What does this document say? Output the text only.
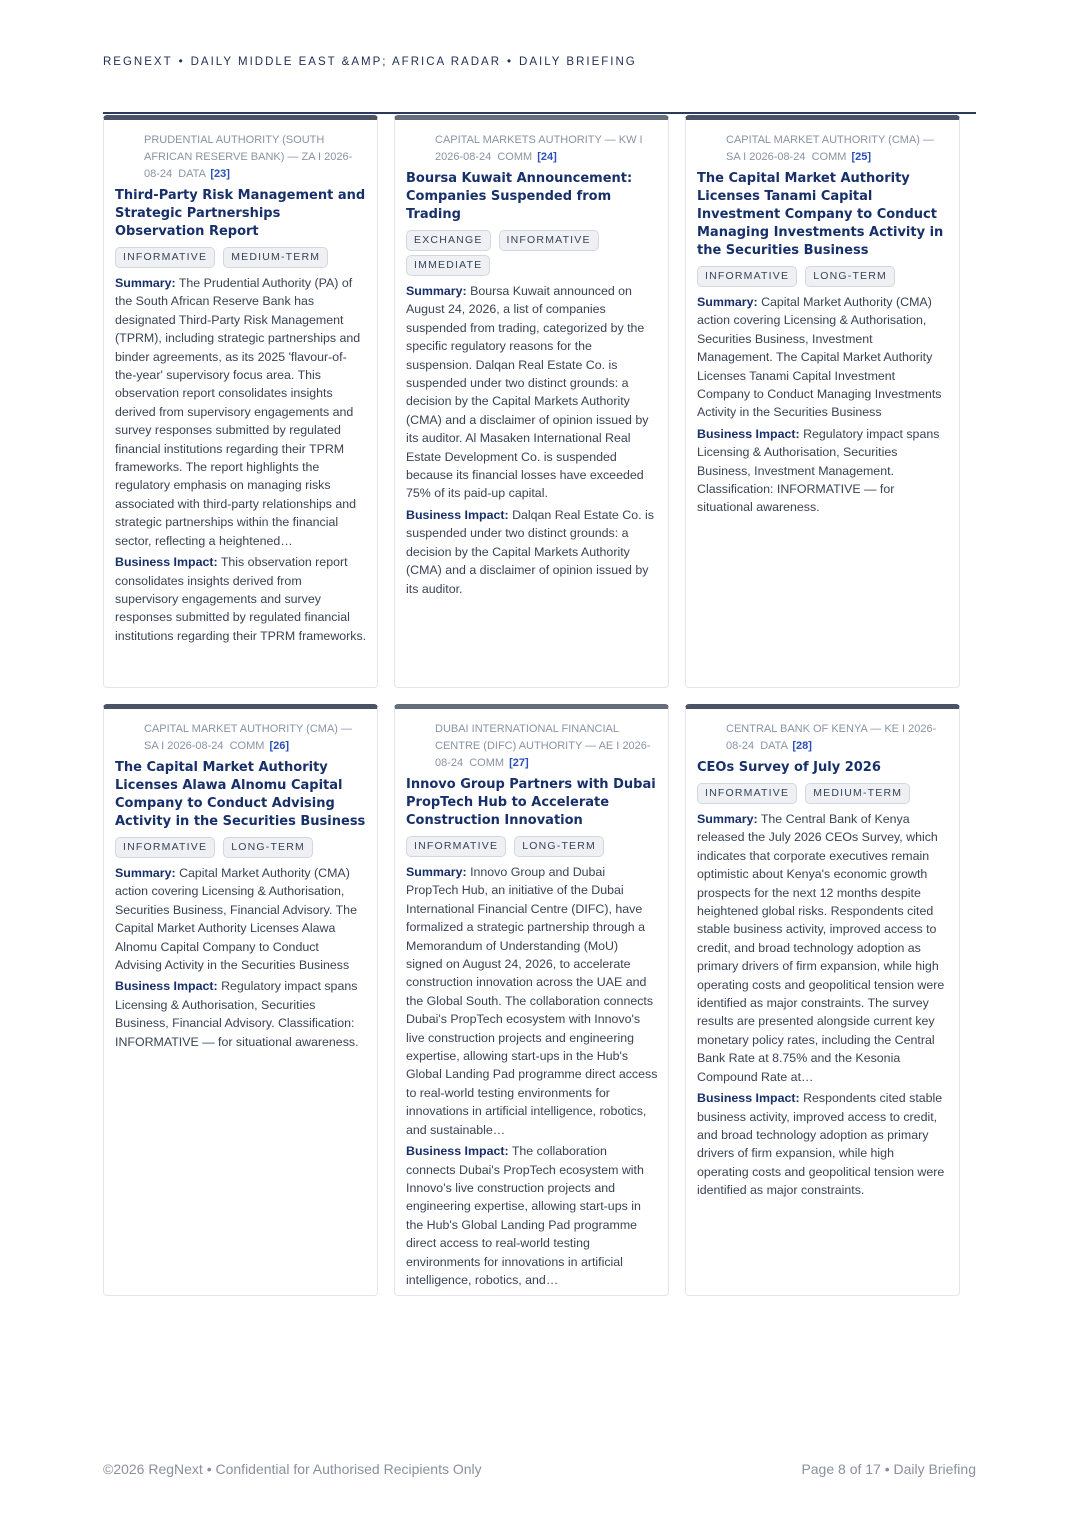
REGNEXT • DAILY MIDDLE EAST &AMP; AFRICA RADAR • DAILY BRIEFING
PRUDENTIAL AUTHORITY (SOUTH AFRICAN RESERVE BANK) — ZA I 2026-08-24 DATA [23]
Third-Party Risk Management and Strategic Partnerships Observation Report
INFORMATIVE	MEDIUM-TERM

Summary: The Prudential Authority (PA) of the South African Reserve Bank has designated Third-Party Risk Management (TPRM), including strategic partnerships and binder agreements, as its 2025 'flavour-of-the-year' supervisory focus area. This observation report consolidates insights derived from supervisory engagements and survey responses submitted by regulated financial institutions regarding their TPRM frameworks. The report highlights the regulatory emphasis on managing risks associated with third-party relationships and strategic partnerships within the financial sector, reflecting a heightened…

Business Impact: This observation report consolidates insights derived from supervisory engagements and survey responses submitted by regulated financial institutions regarding their TPRM frameworks.

CAPITAL MARKETS AUTHORITY — KW I 2026-08-24 COMM [24]
Boursa Kuwait Announcement: Companies Suspended from Trading
EXCHANGE	INFORMATIVE
IMMEDIATE

Summary: Boursa Kuwait announced on August 24, 2026, a list of companies suspended from trading, categorized by the specific regulatory reasons for the suspension. Dalqan Real Estate Co. is suspended under two distinct grounds: a decision by the Capital Markets Authority (CMA) and a disclaimer of opinion issued by its auditor. Al Masaken International Real Estate Development Co. is suspended because its financial losses have exceeded 75% of its paid-up capital.

Business Impact: Dalqan Real Estate Co. is suspended under two distinct grounds: a decision by the Capital Markets Authority (CMA) and a disclaimer of opinion issued by its auditor.

CAPITAL MARKET AUTHORITY (CMA) — SA I 2026-08-24 COMM [25]
The Capital Market Authority Licenses Tanami Capital Investment Company to Conduct Managing Investments Activity in the Securities Business
INFORMATIVE	LONG-TERM

Summary: Capital Market Authority (CMA) action covering Licensing & Authorisation, Securities Business, Investment Management. The Capital Market Authority Licenses Tanami Capital Investment Company to Conduct Managing Investments Activity in the Securities Business

Business Impact: Regulatory impact spans Licensing & Authorisation, Securities Business, Investment Management. Classification: INFORMATIVE — for situational awareness.

CAPITAL MARKET AUTHORITY (CMA) — SA I 2026-08-24 COMM [26]
The Capital Market Authority Licenses Alawa Alnomu Capital Company to Conduct Advising Activity in the Securities Business
INFORMATIVE	LONG-TERM

Summary: Capital Market Authority (CMA) action covering Licensing & Authorisation, Securities Business, Financial Advisory. The Capital Market Authority Licenses Alawa Alnomu Capital Company to Conduct Advising Activity in the Securities Business

Business Impact: Regulatory impact spans Licensing & Authorisation, Securities Business, Financial Advisory. Classification: INFORMATIVE — for situational awareness.

DUBAI INTERNATIONAL FINANCIAL CENTRE (DIFC) AUTHORITY — AE I 2026-08-24 COMM [27]
Innovo Group Partners with Dubai PropTech Hub to Accelerate Construction Innovation
INFORMATIVE	LONG-TERM

Summary: Innovo Group and Dubai PropTech Hub, an initiative of the Dubai International Financial Centre (DIFC), have formalized a strategic partnership through a Memorandum of Understanding (MoU) signed on August 24, 2026, to accelerate construction innovation across the UAE and the Global South. The collaboration connects Dubai's PropTech ecosystem with Innovo's live construction projects and engineering expertise, allowing start-ups in the Hub's Global Landing Pad programme direct access to real-world testing environments for innovations in artificial intelligence, robotics, and sustainable…

Business Impact: The collaboration connects Dubai's PropTech ecosystem with Innovo's live construction projects and engineering expertise, allowing start-ups in the Hub's Global Landing Pad programme direct access to real-world testing environments for innovations in artificial intelligence, robotics, and…

CENTRAL BANK OF KENYA — KE I 2026-08-24 DATA [28]
CEOs Survey of July 2026
INFORMATIVE	MEDIUM-TERM

Summary: The Central Bank of Kenya released the July 2026 CEOs Survey, which indicates that corporate executives remain optimistic about Kenya's economic growth prospects for the next 12 months despite heightened global risks. Respondents cited stable business activity, improved access to credit, and broad technology adoption as primary drivers of firm expansion, while high operating costs and geopolitical tension were identified as major constraints. The survey results are presented alongside current key monetary policy rates, including the Central Bank Rate at 8.75% and the Kesonia Compound Rate at…

Business Impact: Respondents cited stable business activity, improved access to credit, and broad technology adoption as primary drivers of firm expansion, while high operating costs and geopolitical tension were identified as major constraints.

©2026 RegNext • Confidential for Authorised Recipients Only	Page 8 of 17 • Daily Briefing
